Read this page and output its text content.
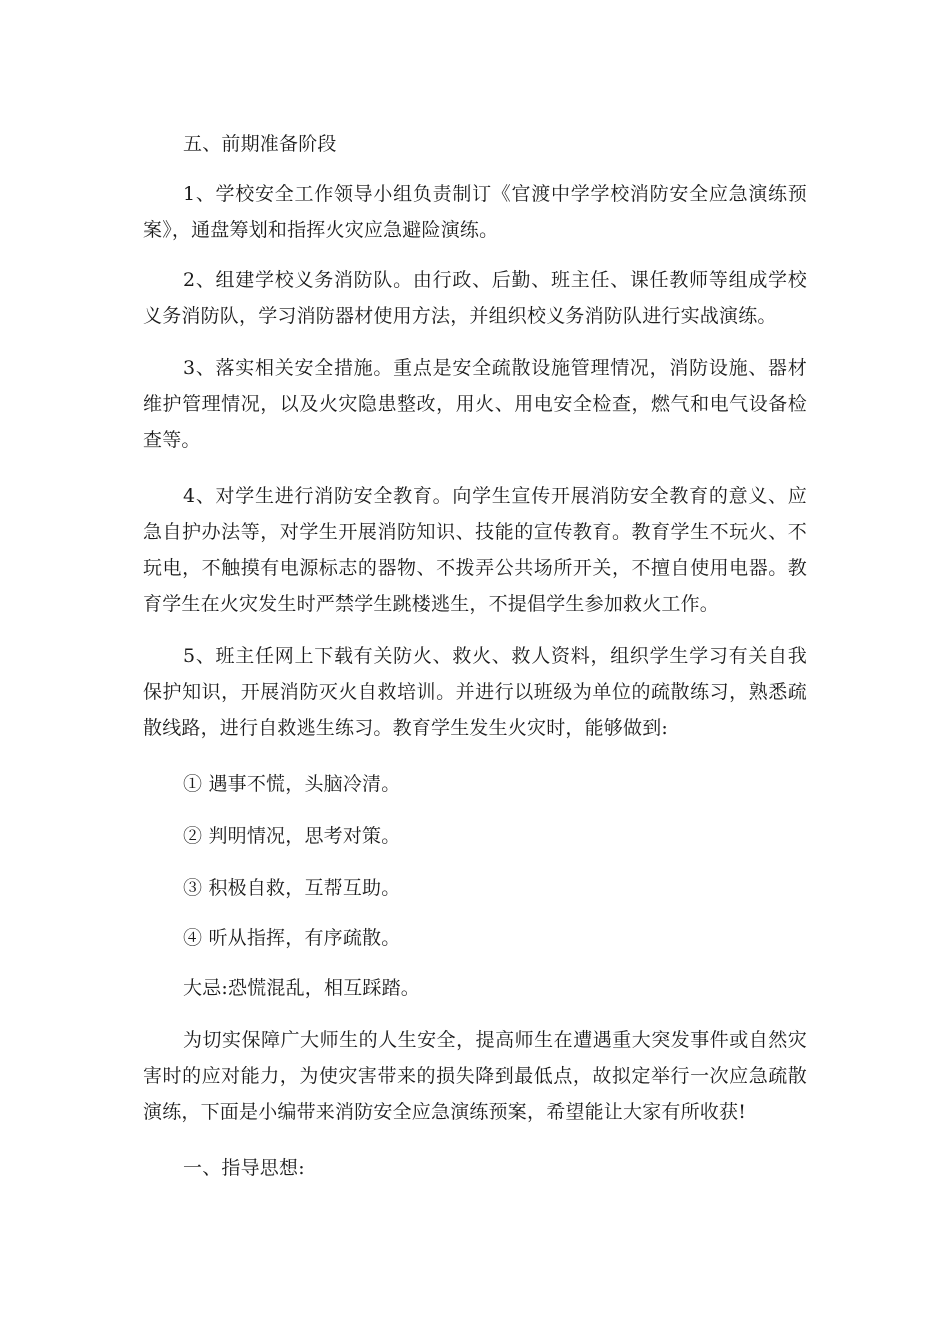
五、前期准备阶段

1、学校安全工作领导小组负责制订《官渡中学学校消防安全应急演练预案》，通盘筹划和指挥火灾应急避险演练。

2、组建学校义务消防队。由行政、后勤、班主任、课任教师等组成学校义务消防队，学习消防器材使用方法，并组织校义务消防队进行实战演练。

3、落实相关安全措施。重点是安全疏散设施管理情况，消防设施、器材维护管理情况，以及火灾隐患整改，用火、用电安全检查，燃气和电气设备检查等。

4、对学生进行消防安全教育。向学生宣传开展消防安全教育的意义、应急自护办法等，对学生开展消防知识、技能的宣传教育。教育学生不玩火、不玩电，不触摸有电源标志的器物、不拨弄公共场所开关，不擅自使用电器。教育学生在火灾发生时严禁学生跳楼逃生，不提倡学生参加救火工作。

5、班主任网上下载有关防火、救火、救人资料，组织学生学习有关自我保护知识，开展消防灭火自救培训。并进行以班级为单位的疏散练习，熟悉疏散线路，进行自救逃生练习。教育学生发生火灾时，能够做到:

① 遇事不慌，头脑冷清。

② 判明情况，思考对策。

③ 积极自救，互帮互助。

④ 听从指挥，有序疏散。

大忌:恐慌混乱，相互踩踏。

为切实保障广大师生的人生安全，提高师生在遭遇重大突发事件或自然灾害时的应对能力，为使灾害带来的损失降到最低点，故拟定举行一次应急疏散演练，下面是小编带来消防安全应急演练预案，希望能让大家有所收获!

一、指导思想:
